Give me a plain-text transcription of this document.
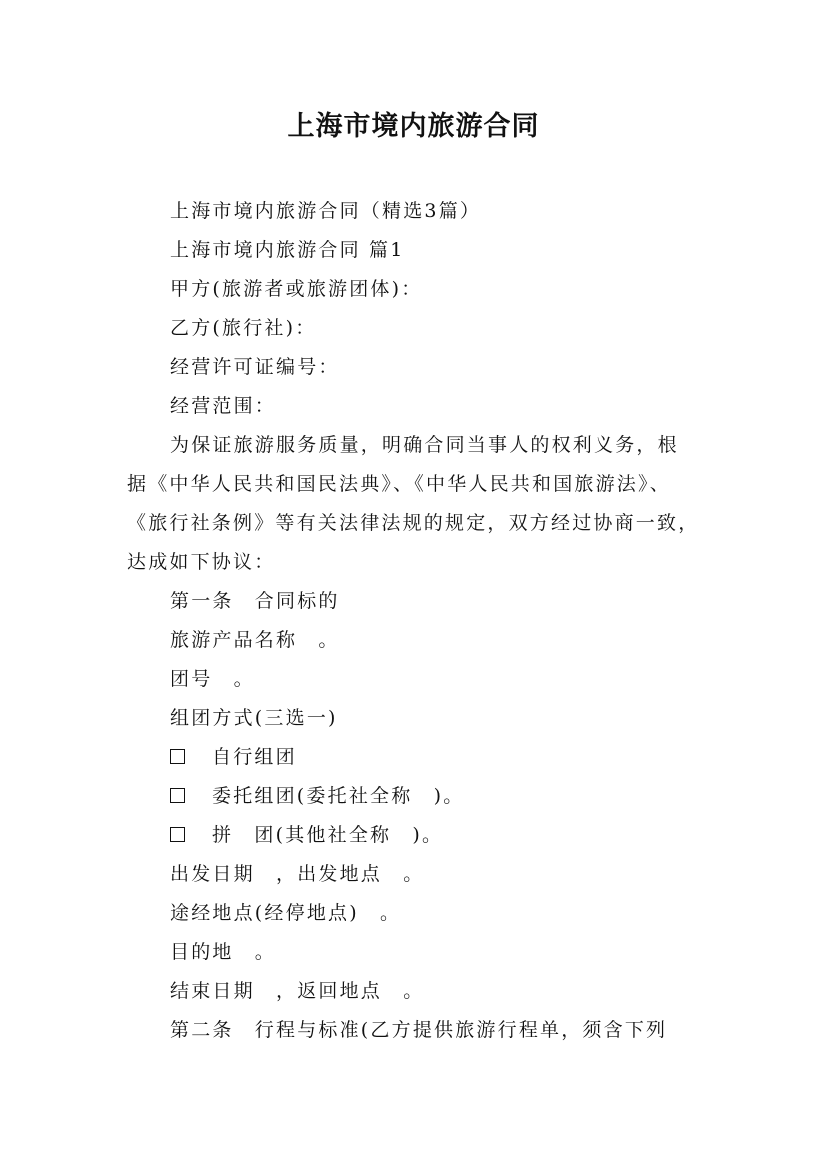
上海市境内旅游合同
上海市境内旅游合同（精选3篇）
上海市境内旅游合同 篇1
甲方(旅游者或旅游团体)：
乙方(旅行社)：
经营许可证编号：
经营范围：
为保证旅游服务质量，明确合同当事人的权利义务，根
据《中华人民共和国民法典》、《中华人民共和国旅游法》、
《旅行社条例》等有关法律法规的规定，双方经过协商一致，
达成如下协议：
第一条　合同标的
旅游产品名称　。
团号　。
组团方式(三选一)
自行组团
委托组团(委托社全称　)。
拼　团(其他社全称　)。
出发日期　，出发地点　。
途经地点(经停地点)　。
目的地　。
结束日期　，返回地点　。
第二条　行程与标准(乙方提供旅游行程单，须含下列
